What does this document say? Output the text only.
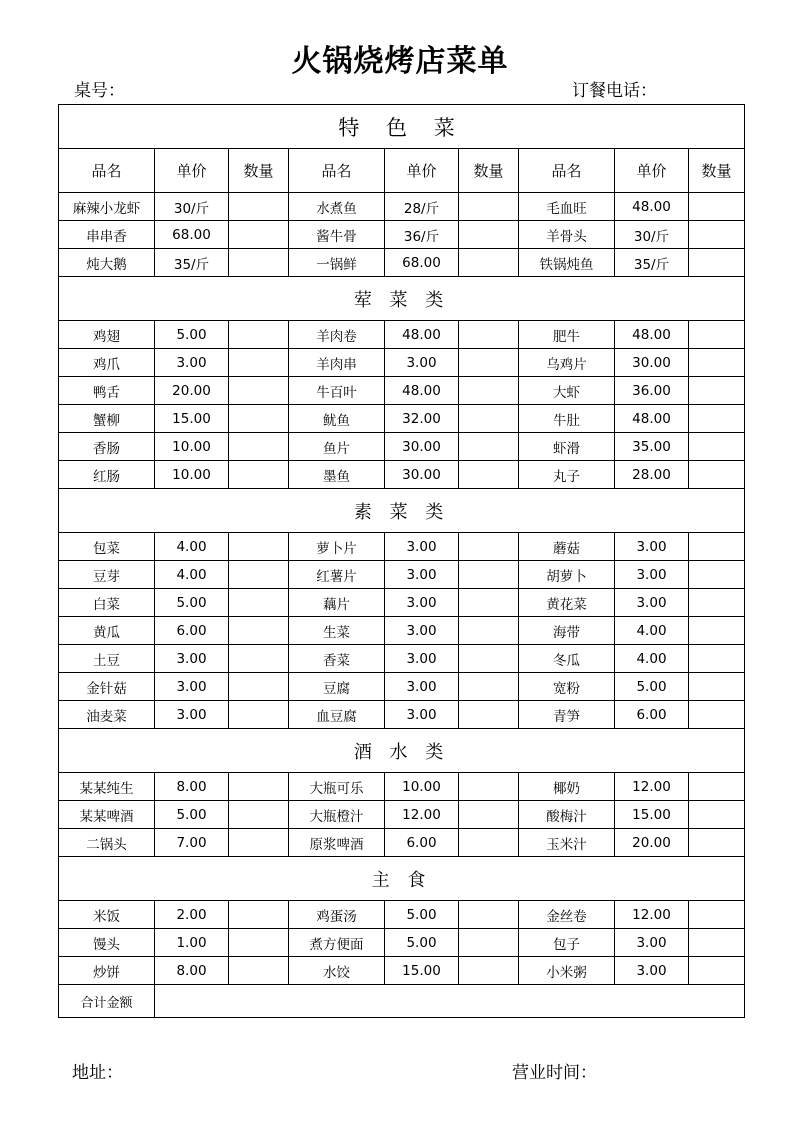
火锅烧烤店菜单
桌号：	订餐电话：
特 色 菜								
品名	单价	数量	品名	单价	数量	品名	单价	数量
麻辣小龙虾	30/斤		水煮鱼	28/斤		毛血旺	48.00	
串串香	68.00		酱牛骨	36/斤		羊骨头	30/斤	
炖大鹅	35/斤		一锅鲜	68.00		铁锅炖鱼	35/斤	
荤 菜 类								
鸡翅	5.00		羊肉卷	48.00		肥牛	48.00	
鸡爪	3.00		羊肉串	3.00		乌鸡片	30.00	
鸭舌	20.00		牛百叶	48.00		大虾	36.00	
蟹柳	15.00		鱿鱼	32.00		牛肚	48.00	
香肠	10.00		鱼片	30.00		虾滑	35.00	
红肠	10.00		墨鱼	30.00		丸子	28.00	
素 菜 类								
包菜	4.00		萝卜片	3.00		蘑菇	3.00	
豆芽	4.00		红薯片	3.00		胡萝卜	3.00	
白菜	5.00		藕片	3.00		黄花菜	3.00	
黄瓜	6.00		生菜	3.00		海带	4.00	
土豆	3.00		香菜	3.00		冬瓜	4.00	
金针菇	3.00		豆腐	3.00		宽粉	5.00	
油麦菜	3.00		血豆腐	3.00		青笋	6.00	
酒 水 类								
某某纯生	8.00		大瓶可乐	10.00		椰奶	12.00	
某某啤酒	5.00		大瓶橙汁	12.00		酸梅汁	15.00	
二锅头	7.00		原浆啤酒	6.00		玉米汁	20.00	
主 食								
米饭	2.00		鸡蛋汤	5.00		金丝卷	12.00	
馒头	1.00		煮方便面	5.00		包子	3.00	
炒饼	8.00		水饺	15.00		小米粥	3.00	
合计金额								
地址：	营业时间：
